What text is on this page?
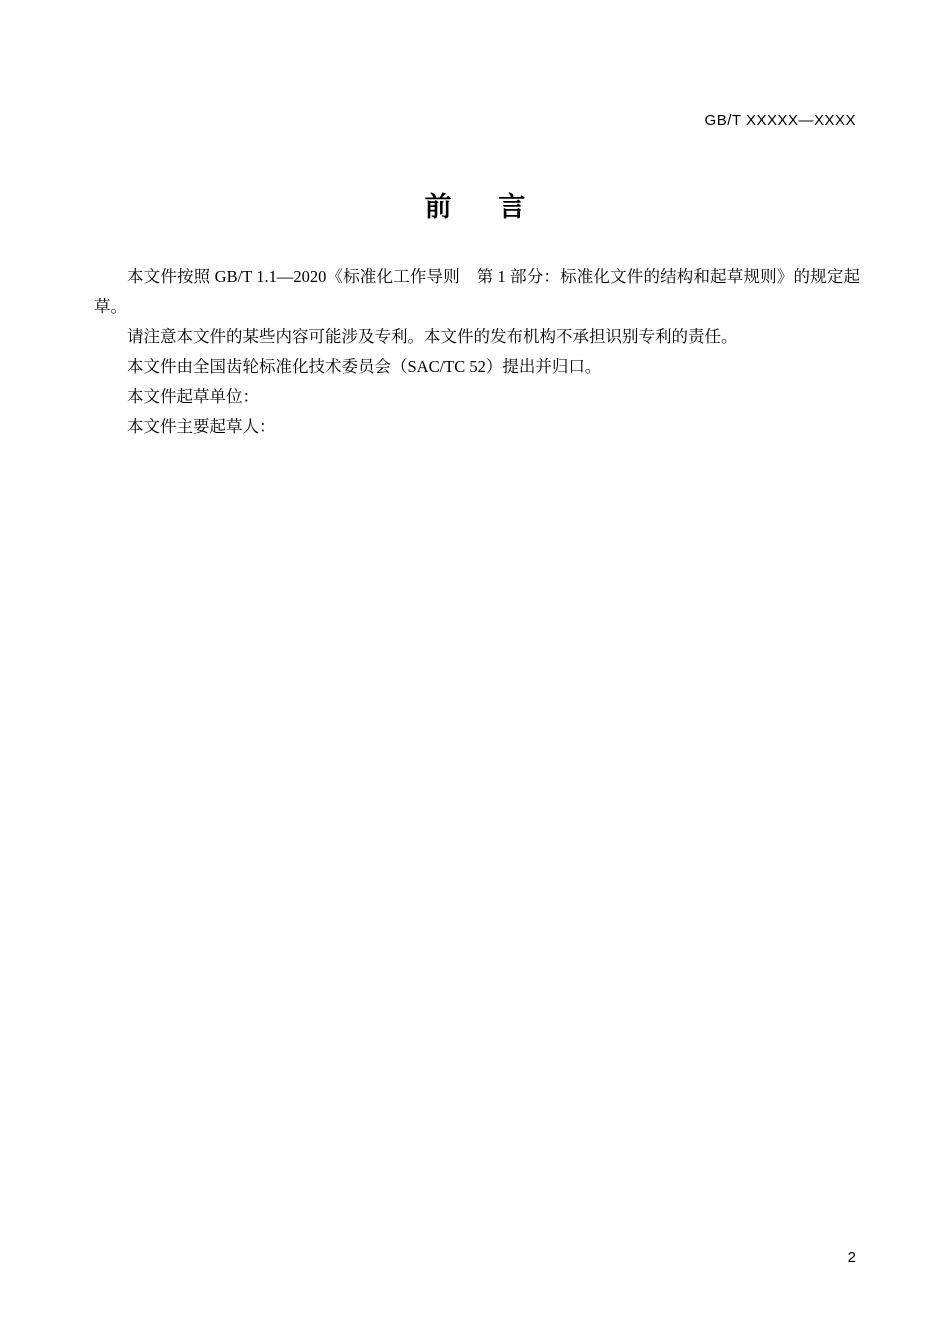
GB/T XXXXX—XXXX
前 言

本文件按照 GB/T 1.1—2020《标准化工作导则　第 1 部分：标准化文件的结构和起草规则》的规定起草。

请注意本文件的某些内容可能涉及专利。本文件的发布机构不承担识别专利的责任。

本文件由全国齿轮标准化技术委员会（SAC/TC 52）提出并归口。

本文件起草单位：

本文件主要起草人：

2
